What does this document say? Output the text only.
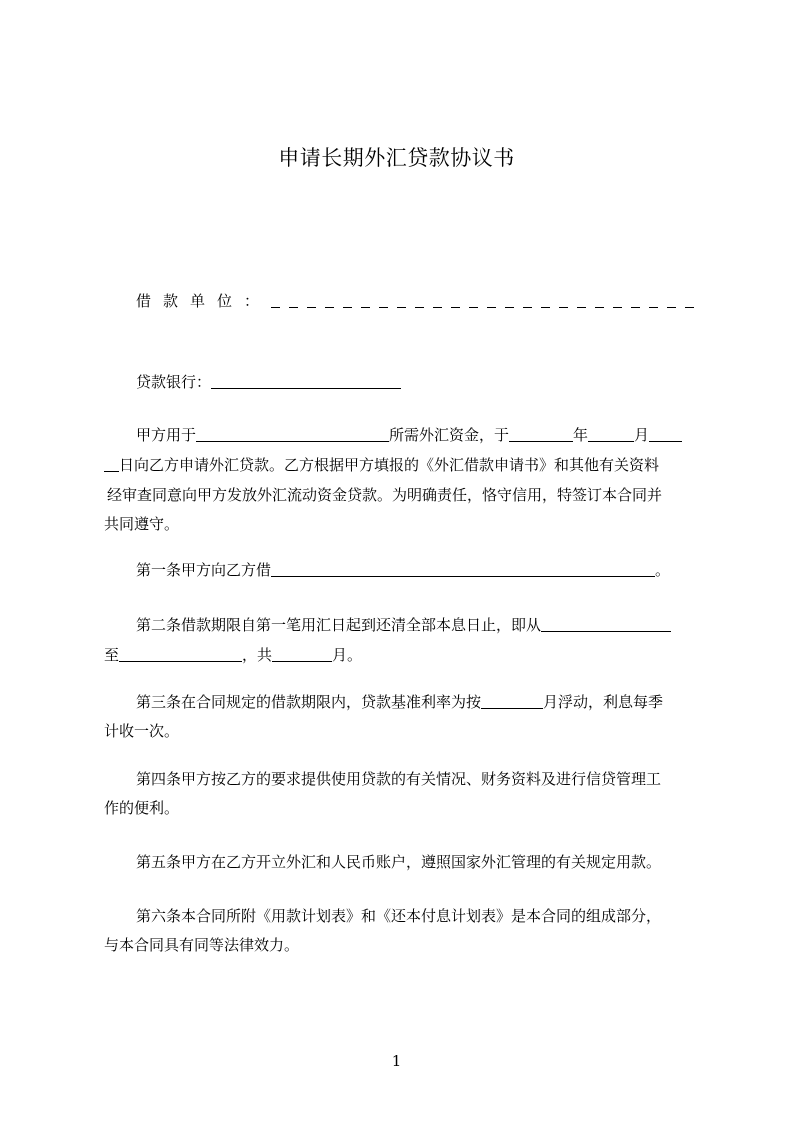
申请长期外汇贷款协议书
借款单位：
贷款银行：
甲方用于	所需外汇资金，于	年	月
日向乙方申请外汇贷款。乙方根据甲方填报的《外汇借款申请书》和其他有关资料
经审查同意向甲方发放外汇流动资金贷款。为明确责任，恪守信用，特签订本合同并
共同遵守。
第一条甲方向乙方借	。
第二条借款期限自第一笔用汇日起到还清全部本息日止，即从
至	，共	月。
第三条在合同规定的借款期限内，贷款基准利率为按	月浮动，利息每季
计收一次。
第四条甲方按乙方的要求提供使用贷款的有关情况、财务资料及进行信贷管理工
作的便利。
第五条甲方在乙方开立外汇和人民币账户，遵照国家外汇管理的有关规定用款。
第六条本合同所附《用款计划表》和《还本付息计划表》是本合同的组成部分，
与本合同具有同等法律效力。
1
